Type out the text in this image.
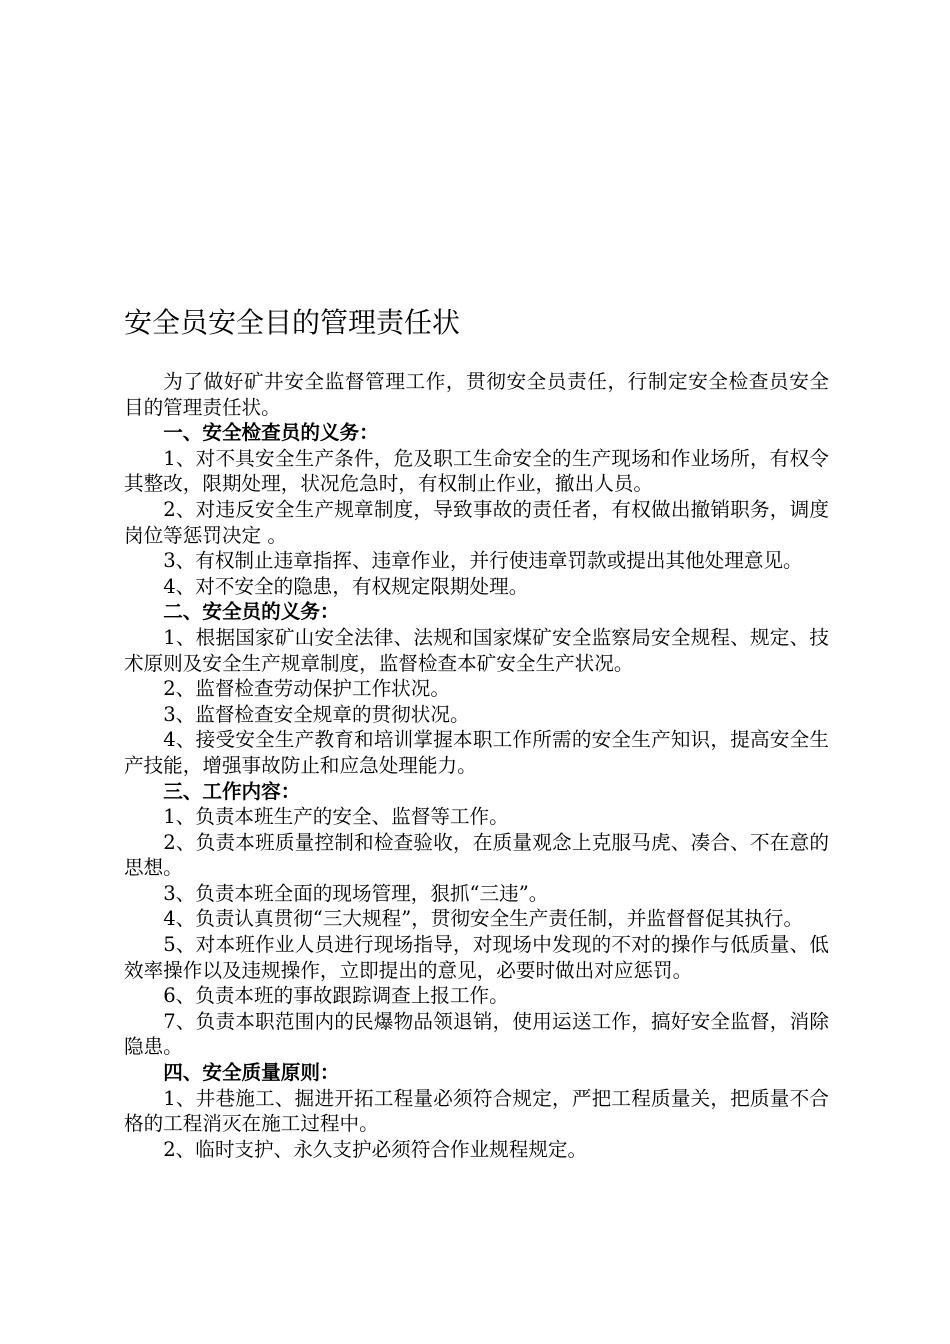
安全员安全目的管理责任状

为了做好矿井安全监督管理工作，贯彻安全员责任，行制定安全检查员安全目的管理责任状。

一、安全检查员的义务：

1、对不具安全生产条件，危及职工生命安全的生产现场和作业场所，有权令其整改，限期处理，状况危急时，有权制止作业，撤出人员。

2、对违反安全生产规章制度，导致事故的责任者，有权做出撤销职务，调度岗位等惩罚决定 。

3、有权制止违章指挥、违章作业，并行使违章罚款或提出其他处理意见。

4、对不安全的隐患，有权规定限期处理。

二、安全员的义务：

1、根据国家矿山安全法律、法规和国家煤矿安全监察局安全规程、规定、技术原则及安全生产规章制度，监督检查本矿安全生产状况。

2、监督检查劳动保护工作状况。

3、监督检查安全规章的贯彻状况。

4、接受安全生产教育和培训掌握本职工作所需的安全生产知识，提高安全生产技能，增强事故防止和应急处理能力。

三、工作内容：

1、负责本班生产的安全、监督等工作。

2、负责本班质量控制和检查验收，在质量观念上克服马虎、凑合、不在意的思想。

3、负责本班全面的现场管理，狠抓“三违”。

4、负责认真贯彻“三大规程”，贯彻安全生产责任制，并监督督促其执行。

5、对本班作业人员进行现场指导，对现场中发现的不对的操作与低质量、低效率操作以及违规操作，立即提出的意见，必要时做出对应惩罚。

6、负责本班的事故跟踪调查上报工作。

7、负责本职范围内的民爆物品领退销，使用运送工作，搞好安全监督，消除隐患。

四、安全质量原则：

1、井巷施工、掘进开拓工程量必须符合规定，严把工程质量关，把质量不合格的工程消灭在施工过程中。

2、临时支护、永久支护必须符合作业规程规定。
